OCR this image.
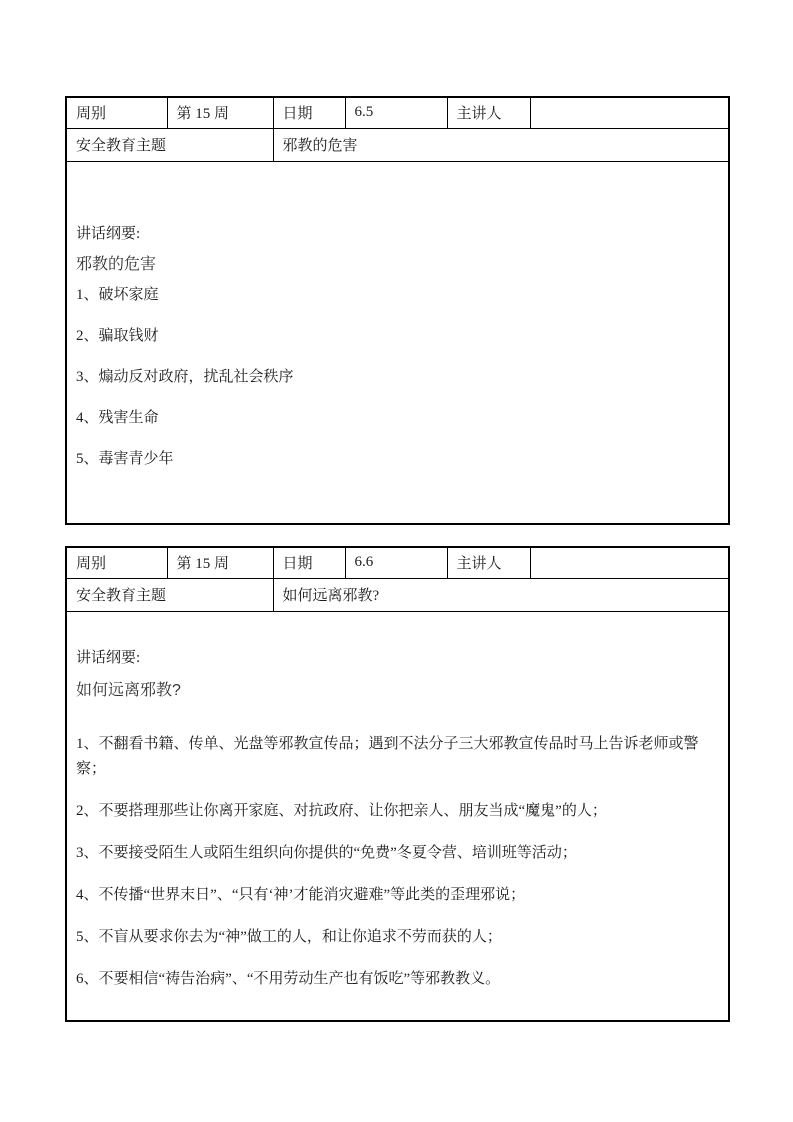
周别	第 15 周	日期	6.5	主讲人	
安全教育主题		邪教的危害			

讲话纲要:

邪教的危害

1、破坏家庭

2、骗取钱财

3、煽动反对政府，扰乱社会秩序

4、残害生命

5、毒害青少年

周别	第 15 周	日期	6.6	主讲人	
安全教育主题		如何远离邪教?			

讲话纲要:

如何远离邪教?

1、不翻看书籍、传单、光盘等邪教宣传品；遇到不法分子三大邪教宣传品时马上告诉老师或警察；

2、不要搭理那些让你离开家庭、对抗政府、让你把亲人、朋友当成“魔鬼”的人；

3、不要接受陌生人或陌生组织向你提供的“免费”冬夏令营、培训班等活动；

4、不传播“世界末日”、“只有‘神’才能消灾避难”等此类的歪理邪说；

5、不盲从要求你去为“神”做工的人，和让你追求不劳而获的人；

6、不要相信“祷告治病”、“不用劳动生产也有饭吃”等邪教教义。
